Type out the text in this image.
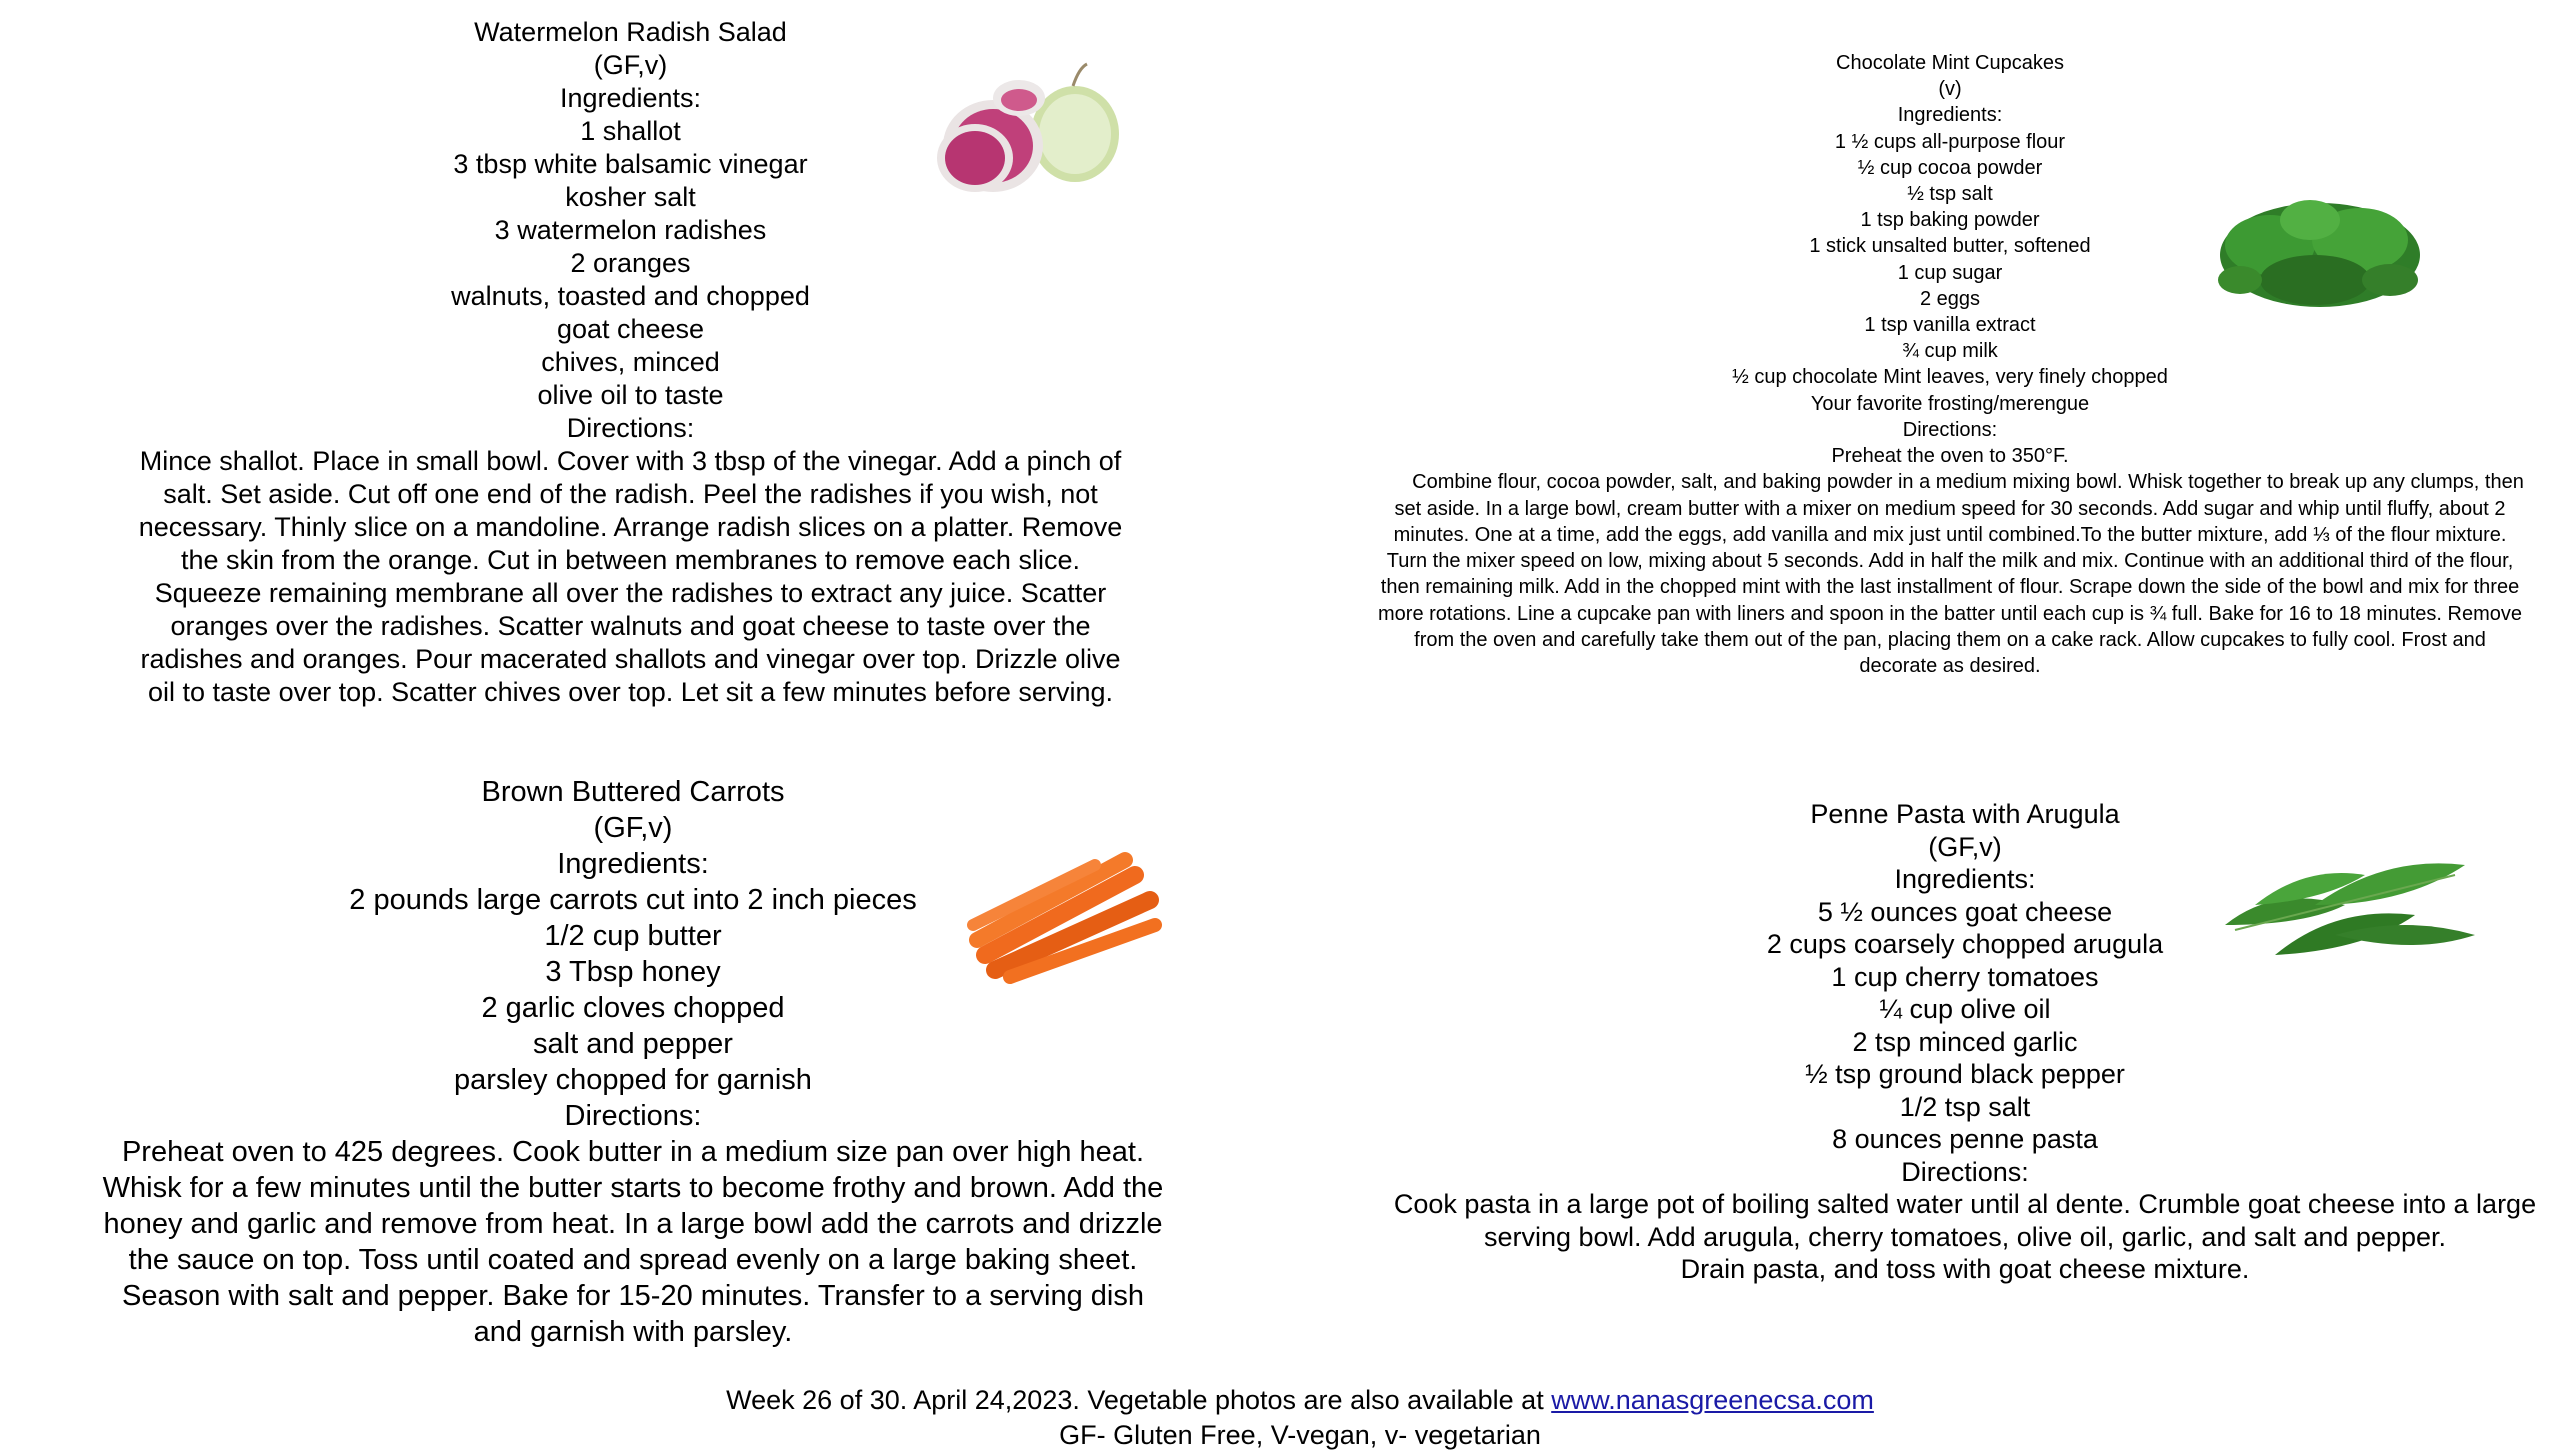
Watermelon Radish Salad
(GF,v)
Ingredients:
1 shallot
3 tbsp white balsamic vinegar
kosher salt
3 watermelon radishes
2 oranges
walnuts, toasted and chopped
goat cheese
chives, minced
olive oil to taste
Directions:
Mince shallot. Place in small bowl. Cover with 3 tbsp of the vinegar. Add a pinch of salt. Set aside. Cut off one end of the radish. Peel the radishes if you wish, not necessary. Thinly slice on a mandoline. Arrange radish slices on a platter. Remove the skin from the orange. Cut in between membranes to remove each slice. Squeeze remaining membrane all over the radishes to extract any juice. Scatter oranges over the radishes. Scatter walnuts and goat cheese to taste over the radishes and oranges. Pour macerated shallots and vinegar over top. Drizzle olive oil to taste over top. Scatter chives over top. Let sit a few minutes before serving.
Chocolate Mint Cupcakes
(v)
Ingredients:
1 ½ cups all-purpose flour
½ cup cocoa powder
½ tsp salt
1 tsp baking powder
1 stick unsalted butter, softened
1 cup sugar
2 eggs
1 tsp vanilla extract
¾ cup milk
½ cup chocolate Mint leaves, very finely chopped
Your favorite frosting/merengue
Directions:
Preheat the oven to 350°F.
Combine flour, cocoa powder, salt, and baking powder in a medium mixing bowl. Whisk together to break up any clumps, then set aside. In a large bowl, cream butter with a mixer on medium speed for 30 seconds. Add sugar and whip until fluffy, about 2 minutes. One at a time, add the eggs, add vanilla and mix just until combined.To the butter mixture, add ⅓ of the flour mixture. Turn the mixer speed on low, mixing about 5 seconds. Add in half the milk and mix. Continue with an additional third of the flour, then remaining milk. Add in the chopped mint with the last installment of flour. Scrape down the side of the bowl and mix for three more rotations. Line a cupcake pan with liners and spoon in the batter until each cup is ¾ full. Bake for 16 to 18 minutes. Remove from the oven and carefully take them out of the pan, placing them on a cake rack. Allow cupcakes to fully cool. Frost and decorate as desired.
Brown Buttered Carrots
(GF,v)
Ingredients:
2 pounds large carrots cut into 2 inch pieces
1/2 cup butter
3 Tbsp honey
2 garlic cloves chopped
salt and pepper
parsley chopped for garnish
Directions:
Preheat oven to 425 degrees. Cook butter in a medium size pan over high heat. Whisk for a few minutes until the butter starts to become frothy and brown. Add the honey and garlic and remove from heat. In a large bowl add the carrots and drizzle the sauce on top. Toss until coated and spread evenly on a large baking sheet. Season with salt and pepper. Bake for 15-20 minutes. Transfer to a serving dish and garnish with parsley.
Penne Pasta with Arugula
(GF,v)
Ingredients:
5 ½ ounces goat cheese
2 cups coarsely chopped arugula
1 cup cherry tomatoes
¼ cup olive oil
2 tsp minced garlic
½ tsp ground black pepper
1/2 tsp salt
8 ounces penne pasta
Directions:
Cook pasta in a large pot of boiling salted water until al dente. Crumble goat cheese into a large
serving bowl. Add arugula, cherry tomatoes, olive oil, garlic, and salt and pepper.
Drain pasta, and toss with goat cheese mixture.
Week 26 of 30. April 24,2023. Vegetable photos are also available at www.nanasgreenecsa.com
GF- Gluten Free, V-vegan, v- vegetarian
